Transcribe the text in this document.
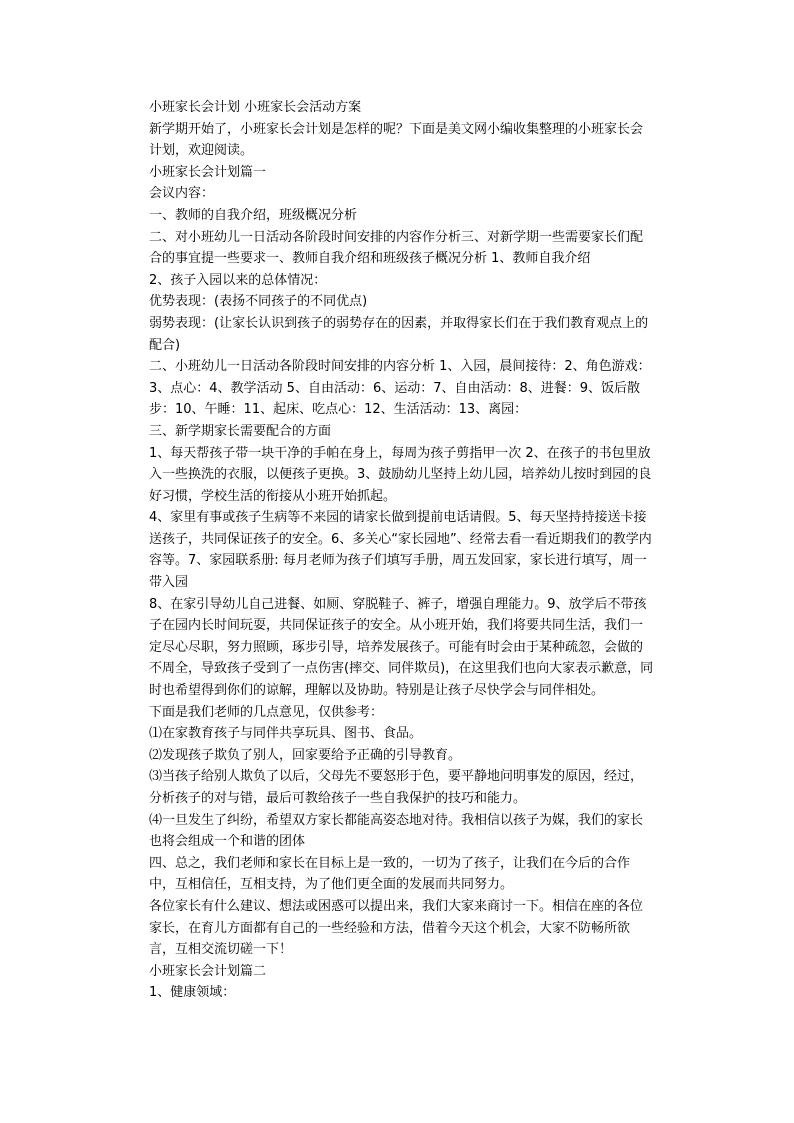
小班家长会计划 小班家长会活动方案

新学期开始了，小班家长会计划是怎样的呢？下面是美文网小编收集整理的小班家长会计划，欢迎阅读。

小班家长会计划篇一

会议内容：

一、教师的自我介绍，班级概况分析

二、对小班幼儿一日活动各阶段时间安排的内容作分析三、对新学期一些需要家长们配合的事宜提一些要求一、教师自我介绍和班级孩子概况分析 1、教师自我介绍

2、孩子入园以来的总体情况：

优势表现：(表扬不同孩子的不同优点)

弱势表现：(让家长认识到孩子的弱势存在的因素，并取得家长们在于我们教育观点上的配合)

二、小班幼儿一日活动各阶段时间安排的内容分析 1、入园，晨间接待：2、角色游戏：3、点心：4、教学活动 5、自由活动：6、运动：7、自由活动：8、进餐：9、饭后散步：10、午睡：11、起床、吃点心：12、生活活动：13、离园：

三、新学期家长需要配合的方面

1、每天帮孩子带一块干净的手帕在身上，每周为孩子剪指甲一次 2、在孩子的书包里放入一些换洗的衣服，以便孩子更换。3、鼓励幼儿坚持上幼儿园，培养幼儿按时到园的良好习惯，学校生活的衔接从小班开始抓起。

4、家里有事或孩子生病等不来园的请家长做到提前电话请假。5、每天坚持持接送卡接送孩子，共同保证孩子的安全。6、多关心“家长园地”、经常去看一看近期我们的教学内容等。7、家园联系册: 每月老师为孩子们填写手册，周五发回家，家长进行填写，周一带入园

8、在家引导幼儿自己进餐、如厕、穿脱鞋子、裤子，增强自理能力。9、放学后不带孩子在园内长时间玩耍，共同保证孩子的安全。从小班开始，我们将要共同生活，我们一定尽心尽职，努力照顾，琢步引导，培养发展孩子。可能有时会由于某种疏忽，会做的不周全，导致孩子受到了一点伤害(摔交、同伴欺员)，在这里我们也向大家表示歉意，同时也希望得到你们的谅解，理解以及协助。特别是让孩子尽快学会与同伴相处。

下面是我们老师的几点意见，仅供参考：

⑴在家教育孩子与同伴共享玩具、图书、食品。

⑵发现孩子欺负了别人，回家要给予正确的引导教育。

⑶当孩子给别人欺负了以后，父母先不要怒形于色，要平静地问明事发的原因，经过，分析孩子的对与错，最后可教给孩子一些自我保护的技巧和能力。

⑷一旦发生了纠纷，希望双方家长都能高姿态地对待。我相信以孩子为媒，我们的家长也将会组成一个和谐的团体

四、总之，我们老师和家长在目标上是一致的，一切为了孩子，让我们在今后的合作中，互相信任，互相支持，为了他们更全面的发展而共同努力。

各位家长有什么建议、想法或困惑可以提出来，我们大家来商讨一下。相信在座的各位家长，在育儿方面都有自己的一些经验和方法，借着今天这个机会，大家不防畅所欲言，互相交流切磋一下！

小班家长会计划篇二

1、健康领域：
